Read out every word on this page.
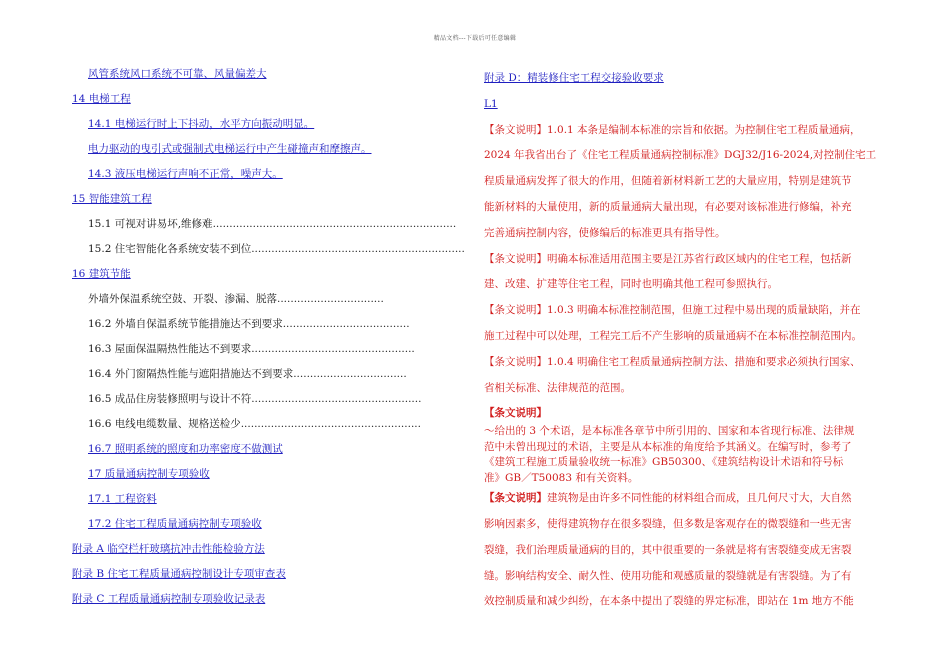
精品文档---下载后可任意编辑
风管系统风口系统不可靠、风量偏差大
14 电梯工程
14.1 电梯运行时上下抖动，水平方向振动明显。
电力驱动的曳引式或强制式电梯运行中产生碰撞声和摩擦声。
14.3 液压电梯运行声响不正常，噪声大。
15 智能建筑工程
15.1 可视对讲易坏,维修难.........................................................................
15.2 住宅智能化各系统安装不到位................................................................
16 建筑节能
外墙外保温系统空鼓、开裂、渗漏、脱落................................
16.2 外墙自保温系统节能措施达不到要求......................................
16.3 屋面保温隔热性能达不到要求.................................................
16.4 外门窗隔热性能与遮阳措施达不到要求..................................
16.5 成品住房装修照明与设计不符...................................................
16.6 电线电缆数量、规格送检少......................................................
16.7 照明系统的照度和功率密度不做测试
17 质量通病控制专项验收
17.1 工程资料
17.2 住宅工程质量通病控制专项验收
附录 A 临空栏杆玻璃抗冲击性能检验方法
附录 B 住宅工程质量通病控制设计专项审查表
附录 C 工程质量通病控制专项验收记录表
附录 D：精装修住宅工程交接验收要求
L1
【条文说明】1.0.1 本条是编制本标准的宗旨和依据。为控制住宅工程质量通病，
2024 年我省出台了《住宅工程质量通病控制标准》DGJ32/J16-2024,对控制住宅工
程质量通病发挥了很大的作用，但随着新材料新工艺的大量应用，特别是建筑节
能新材料的大量使用，新的质量通病大量出现，有必要对该标准进行修编，补充
完善通病控制内容，使修编后的标准更具有指导性。
【条文说明】明确本标准适用范围主要是江苏省行政区域内的住宅工程，包括新
建、改建、扩建等住宅工程，同时也明确其他工程可参照执行。
【条文说明】1.0.3 明确本标准控制范围，但施工过程中易出现的质量缺陷，并在
施工过程中可以处理，工程完工后不产生影响的质量通病不在本标准控制范围内。
【条文说明】1.0.4 明确住宅工程质量通病控制方法、措施和要求必须执行国家、
省相关标准、法律规范的范围。
【条文说明】
～给出的 3 个术语，是本标准各章节中所引用的、国家和本省现行标准、法律规
范中未曾出现过的术语，主要是从本标准的角度给予其涵义。在编写时，参考了
《建筑工程施工质量验收统一标准》GB50300、《建筑结构设计术语和符号标
准》GB／T50083 和有关资料。
【条文说明】建筑物是由许多不同性能的材料组合而成，且几何尺寸大，大自然
影响因素多，使得建筑物存在很多裂缝，但多数是客观存在的微裂缝和一些无害
裂缝，我们治理质量通病的目的，其中很重要的一条就是将有害裂缝变成无害裂
缝。影响结构安全、耐久性、使用功能和观感质量的裂缝就是有害裂缝。为了有
效控制质量和减少纠纷，在本条中提出了裂缝的界定标准，即站在 1m 地方不能
